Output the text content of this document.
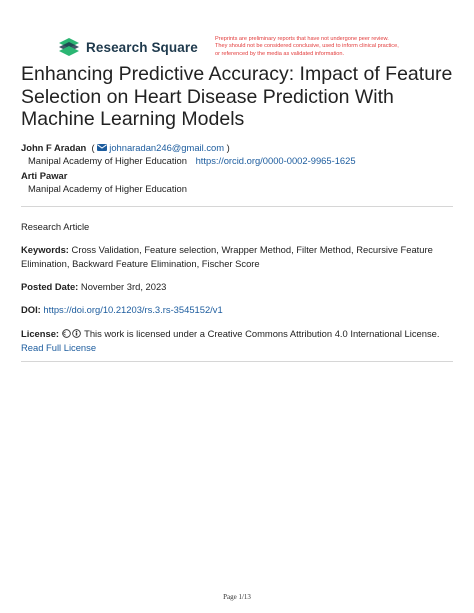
Research Square
Preprints are preliminary reports that have not undergone peer review.
They should not be considered conclusive, used to inform clinical practice,
or referenced by the media as validated information.
Enhancing Predictive Accuracy: Impact of Feature Selection on Heart Disease Prediction With Machine Learning Models
John F Aradan  ( johnaradan246@gmail.com )
Manipal Academy of Higher Education https://orcid.org/0000-0002-9965-1625
Arti Pawar
Manipal Academy of Higher Education
Research Article
Keywords: Cross Validation, Feature selection, Wrapper Method, Filter Method, Recursive Feature Elimination, Backward Feature Elimination, Fischer Score
Posted Date: November 3rd, 2023
DOI: https://doi.org/10.21203/rs.3.rs-3545152/v1
License:	This work is licensed under a Creative Commons Attribution 4.0 International License.
Read Full License
Page 1/13
